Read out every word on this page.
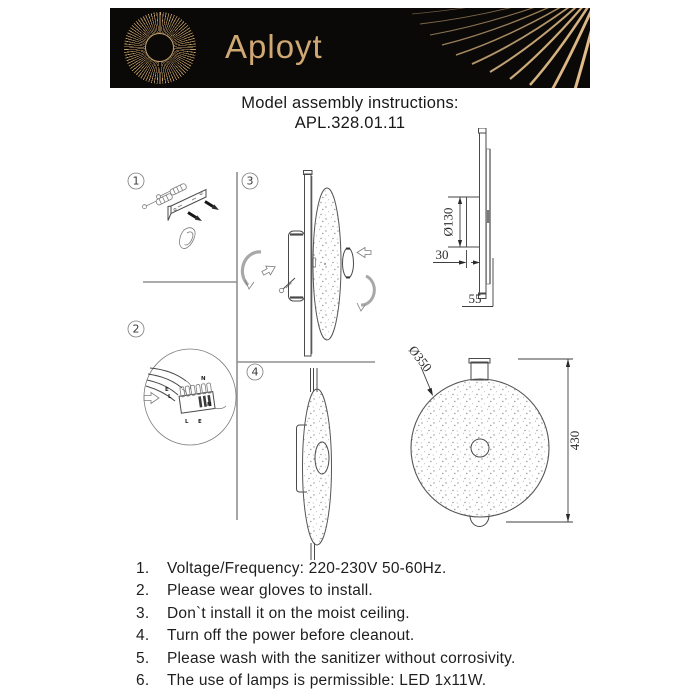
Aployt
Model assembly instructions:
APL.328.01.11
1
2
3
4
N
E
L
N
L E
Ø130
30
55
Ø350
430
1.	Voltage/Frequency: 220-230V 50-60Hz.
2.	Please wear gloves to install.
3.	Don`t install it on the moist ceiling.
4.	Turn off the power before cleanout.
5.	Please wash with the sanitizer without corrosivity.
6.	The use of lamps is permissible: LED 1x11W.
